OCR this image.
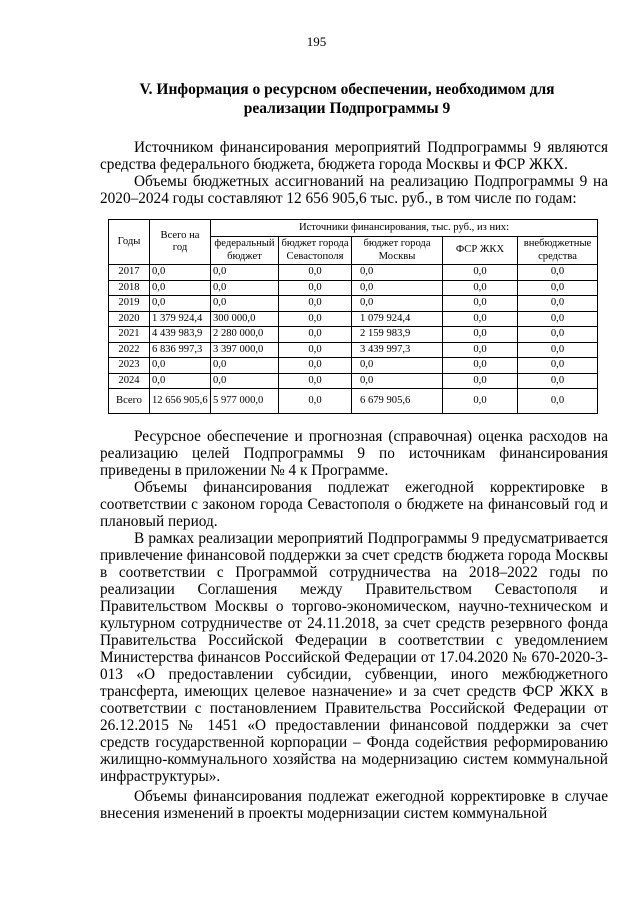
195
V. Информация о ресурсном обеспечении, необходимом для реализации Подпрограммы 9
Источником финансирования мероприятий Подпрограммы 9 являются средства федерального бюджета, бюджета города Москвы и ФСР ЖКХ.
Объемы бюджетных ассигнований на реализацию Подпрограммы 9 на 2020–2024 годы составляют 12 656 905,6 тыс. руб., в том числе по годам:
Годы	Всего на год	Источники финансирования, тыс. руб., из них:				
		федеральный бюджет	бюджет города Севастополя	бюджет города Москвы	ФСР ЖКХ	внебюджетные средства
2017	0,0	0,0	0,0	0,0	0,0	0,0
2018	0,0	0,0	0,0	0,0	0,0	0,0
2019	0,0	0,0	0,0	0,0	0,0	0,0
2020	1 379 924,4	300 000,0	0,0	1 079 924,4	0,0	0,0
2021	4 439 983,9	2 280 000,0	0,0	2 159 983,9	0,0	0,0
2022	6 836 997,3	3 397 000,0	0,0	3 439 997,3	0,0	0,0
2023	0,0	0,0	0,0	0,0	0,0	0,0
2024	0,0	0,0	0,0	0,0	0,0	0,0
Всего	12 656 905,6	5 977 000,0	0,0	6 679 905,6	0,0	0,0
Ресурсное обеспечение и прогнозная (справочная) оценка расходов на реализацию целей Подпрограммы 9 по источникам финансирования приведены в приложении № 4 к Программе.
Объемы финансирования подлежат ежегодной корректировке в соответствии с законом города Севастополя о бюджете на финансовый год и плановый период.
В рамках реализации мероприятий Подпрограммы 9 предусматривается привлечение финансовой поддержки за счет средств бюджета города Москвы в соответствии с Программой сотрудничества на 2018–2022 годы по реализации Соглашения между Правительством Севастополя и Правительством Москвы о торгово-экономическом, научно-техническом и культурном сотрудничестве от 24.11.2018, за счет средств резервного фонда Правительства Российской Федерации в соответствии с уведомлением Министерства финансов Российской Федерации от 17.04.2020 № 670-2020-3-013 «О предоставлении субсидии, субвенции, иного межбюджетного трансферта, имеющих целевое назначение» и за счет средств ФСР ЖКХ в соответствии с постановлением Правительства Российской Федерации от 26.12.2015 № 1451 «О предоставлении финансовой поддержки за счет средств государственной корпорации – Фонда содействия реформированию жилищно-коммунального хозяйства на модернизацию систем коммунальной инфраструктуры».
Объемы финансирования подлежат ежегодной корректировке в случае внесения изменений в проекты модернизации систем коммунальной
